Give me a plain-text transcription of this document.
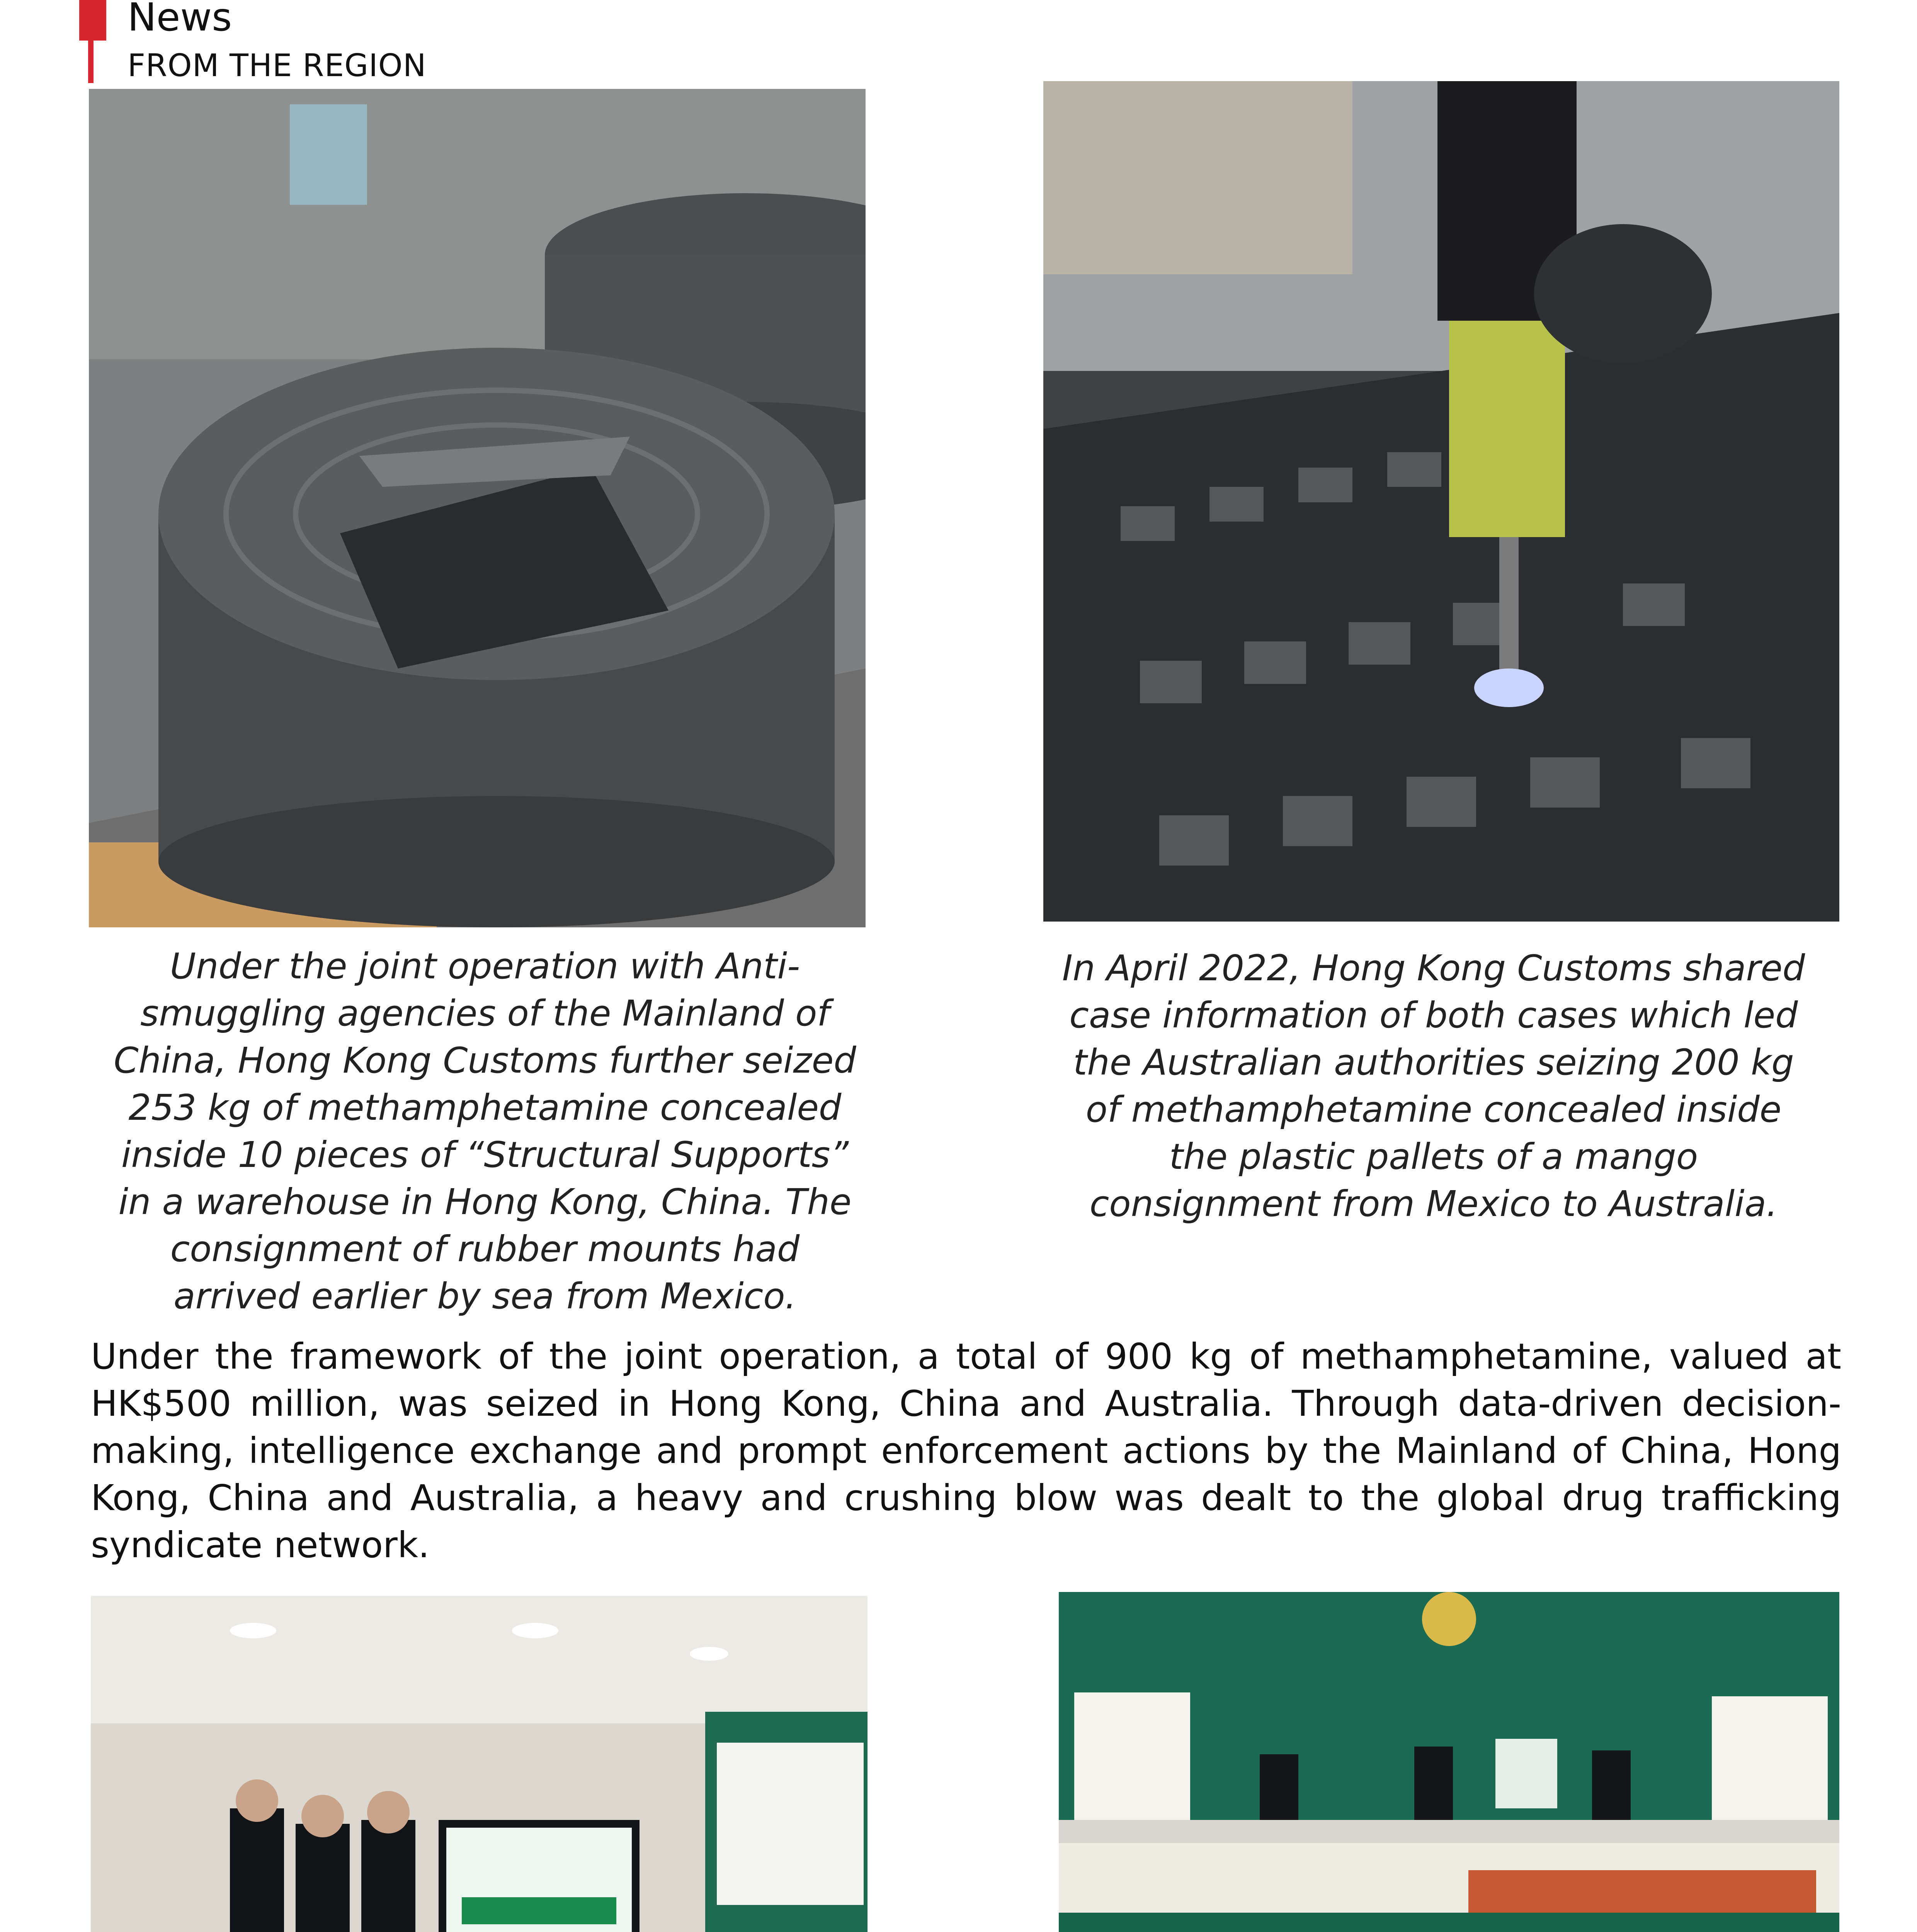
News
FROM THE REGION
Under the joint operation with Anti-smuggling agencies of the Mainland of China, Hong Kong Customs further seized 253 kg of methamphetamine concealed inside 10 pieces of “Structural Supports” in a warehouse in Hong Kong, China. The consignment of rubber mounts had arrived earlier by sea from Mexico.
In April 2022, Hong Kong Customs shared case information of both cases which led the Australian authorities seizing 200 kg of methamphetamine concealed inside the plastic pallets of a mango consignment from Mexico to Australia.
Under the framework of the joint operation, a total of 900 kg of methamphetamine, valued at HK$500 million, was seized in Hong Kong, China and Australia. Through data-driven decision-making, intelligence exchange and prompt enforcement actions by the Mainland of China, Hong Kong, China and Australia, a heavy and crushing blow was dealt to the global drug trafficking syndicate network.
